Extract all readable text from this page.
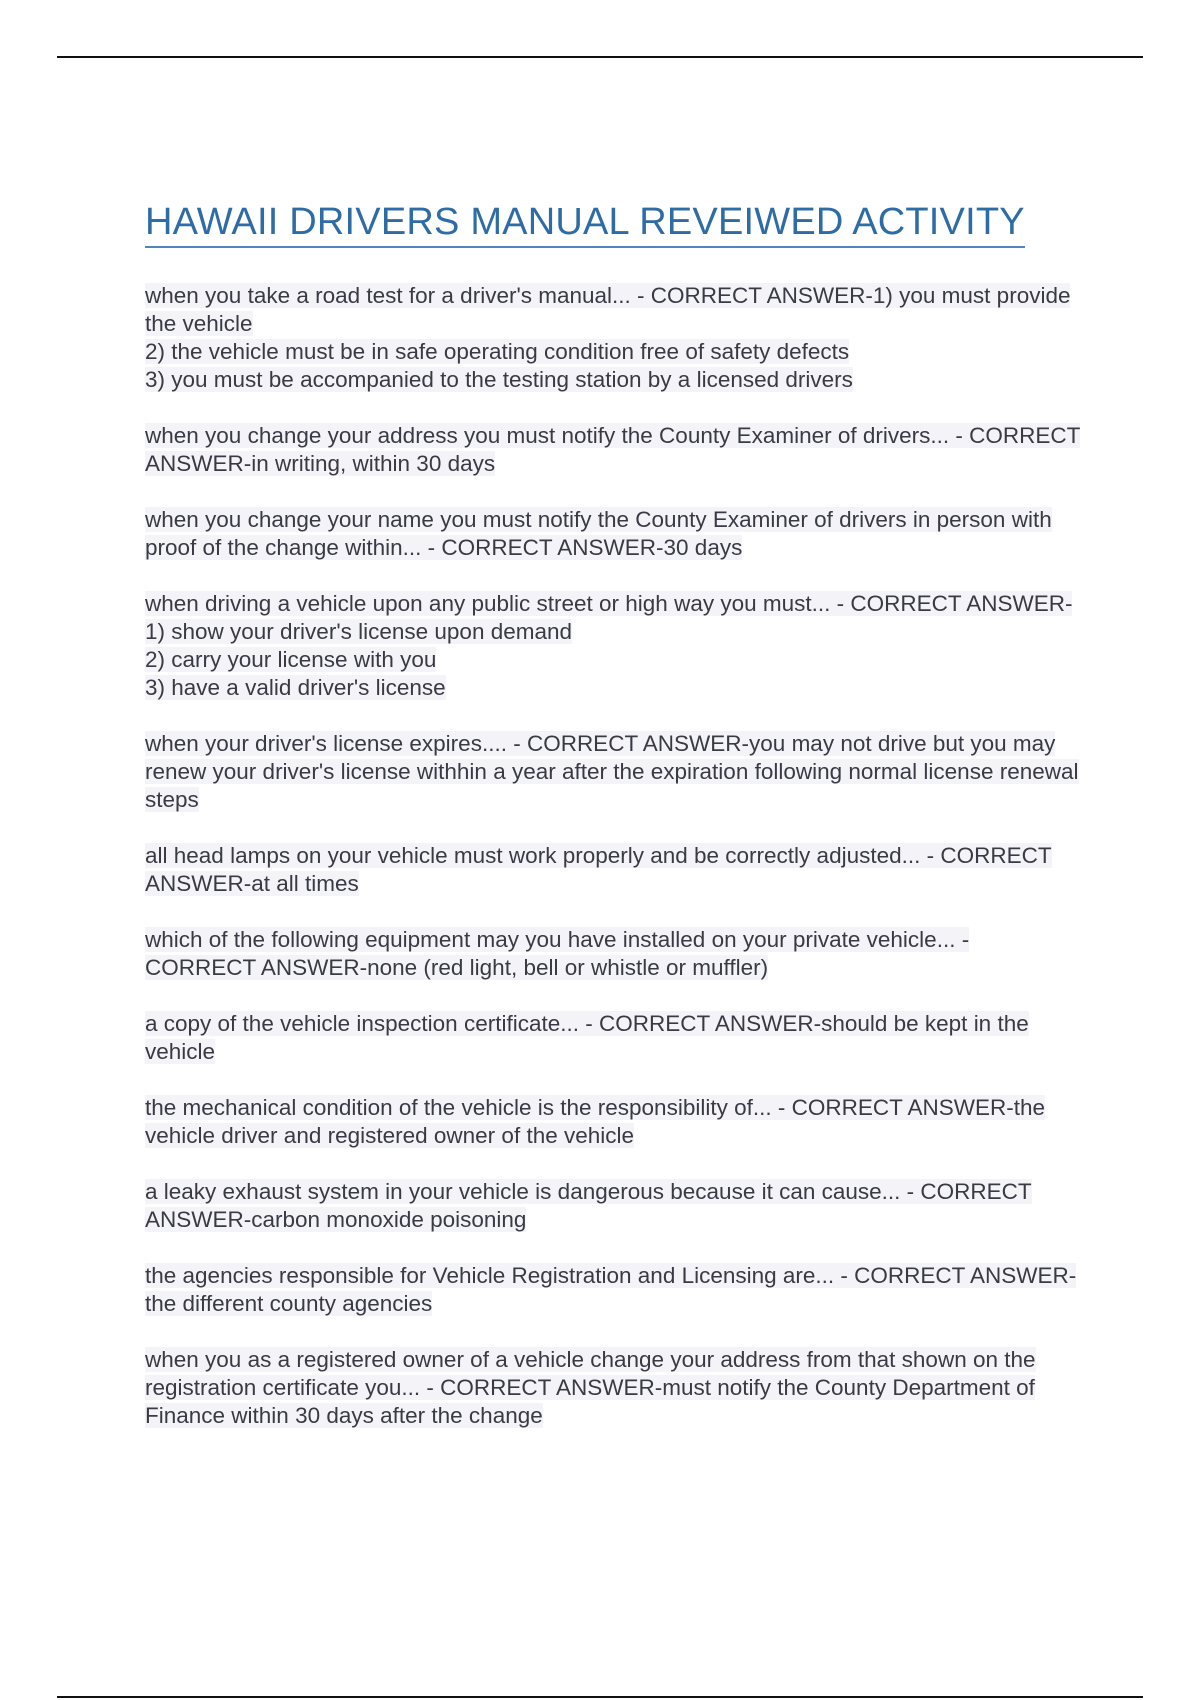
HAWAII DRIVERS MANUAL REVEIWED ACTIVITY
when you take a road test for a driver's manual... - CORRECT ANSWER-1) you must provide the vehicle
2) the vehicle must be in safe operating condition free of safety defects
3) you must be accompanied to the testing station by a licensed drivers
when you change your address you must notify the County Examiner of drivers... - CORRECT ANSWER-in writing, within 30 days
when you change your name you must notify the County Examiner of drivers in person with proof of the change within... - CORRECT ANSWER-30 days
when driving a vehicle upon any public street or high way you must... - CORRECT ANSWER-1) show your driver's license upon demand
2) carry your license with you
3) have a valid driver's license
when your driver's license expires.... - CORRECT ANSWER-you may not drive but you may renew your driver's license withhin a year after the expiration following normal license renewal steps
all head lamps on your vehicle must work properly and be correctly adjusted... - CORRECT ANSWER-at all times
which of the following equipment may you have installed on your private vehicle... - CORRECT ANSWER-none (red light, bell or whistle or muffler)
a copy of the vehicle inspection certificate... - CORRECT ANSWER-should be kept in the vehicle
the mechanical condition of the vehicle is the responsibility of... - CORRECT ANSWER-the vehicle driver and registered owner of the vehicle
a leaky exhaust system in your vehicle is dangerous because it can cause... - CORRECT ANSWER-carbon monoxide poisoning
the agencies responsible for Vehicle Registration and Licensing are... - CORRECT ANSWER-the different county agencies
when you as a registered owner of a vehicle change your address from that shown on the registration certificate you... - CORRECT ANSWER-must notify the County Department of Finance within 30 days after the change
